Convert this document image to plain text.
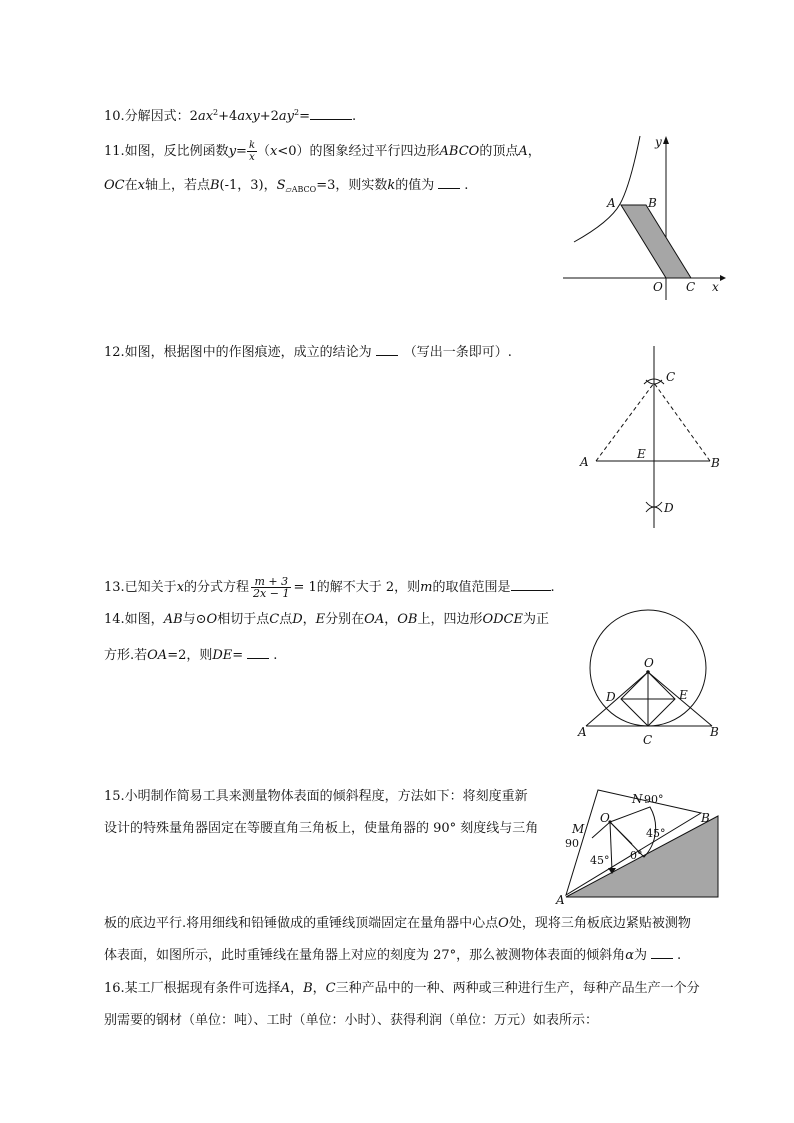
10.分解因式：$2ax^2+4axy+2ay^2=$	.
11.如图，反比例函数$y= \frac{k}{x} (x<0)$的图象经过平行四边形ABCO的顶点A，
OC在x轴上，若点B(-1，3)，$S_{▱ABCO}=3$，则实数k的值为 .
y
x
A	B
O C
12.如图，根据图中的作图痕迹，成立的结论为 （写出一条即可）.
C
A	B
E
D
13.已知关于x的分式方程 $\frac{m + 3}{2x - 1} = 1$的解不大于 2，则m的取值范围是	.
14.如图，AB与⊙O相切于点C点D，E分别在OA，OB上，四边形ODCE为正
方形.若OA=2，则DE= .	O
D	E
A	B
C
15.小明制作简易工具来测量物体表面的倾斜程度，方法如下：将刻度重新
设计的特殊量角器固定在等腰直角三角板上，使量角器的 90° 刻度线与三角
板的底边平行.将用细线和铅锤做成的重锤线顶端固定在量角器中心点O处，现将三角板底边紧贴被测物
体表面，如图所示，此时重锤线在量角器上对应的刻度为 27°，那么被测物体表面的倾斜角α为 .
N 90°
B
O
M
90
45°
45° 0°
A
16.某工厂根据现有条件可选择A，B，C三种产品中的一种、两种或三种进行生产，每种产品生产一个分
别需要的钢材（单位：吨）、工时（单位：小时）、获得利润（单位：万元）如表所示：
